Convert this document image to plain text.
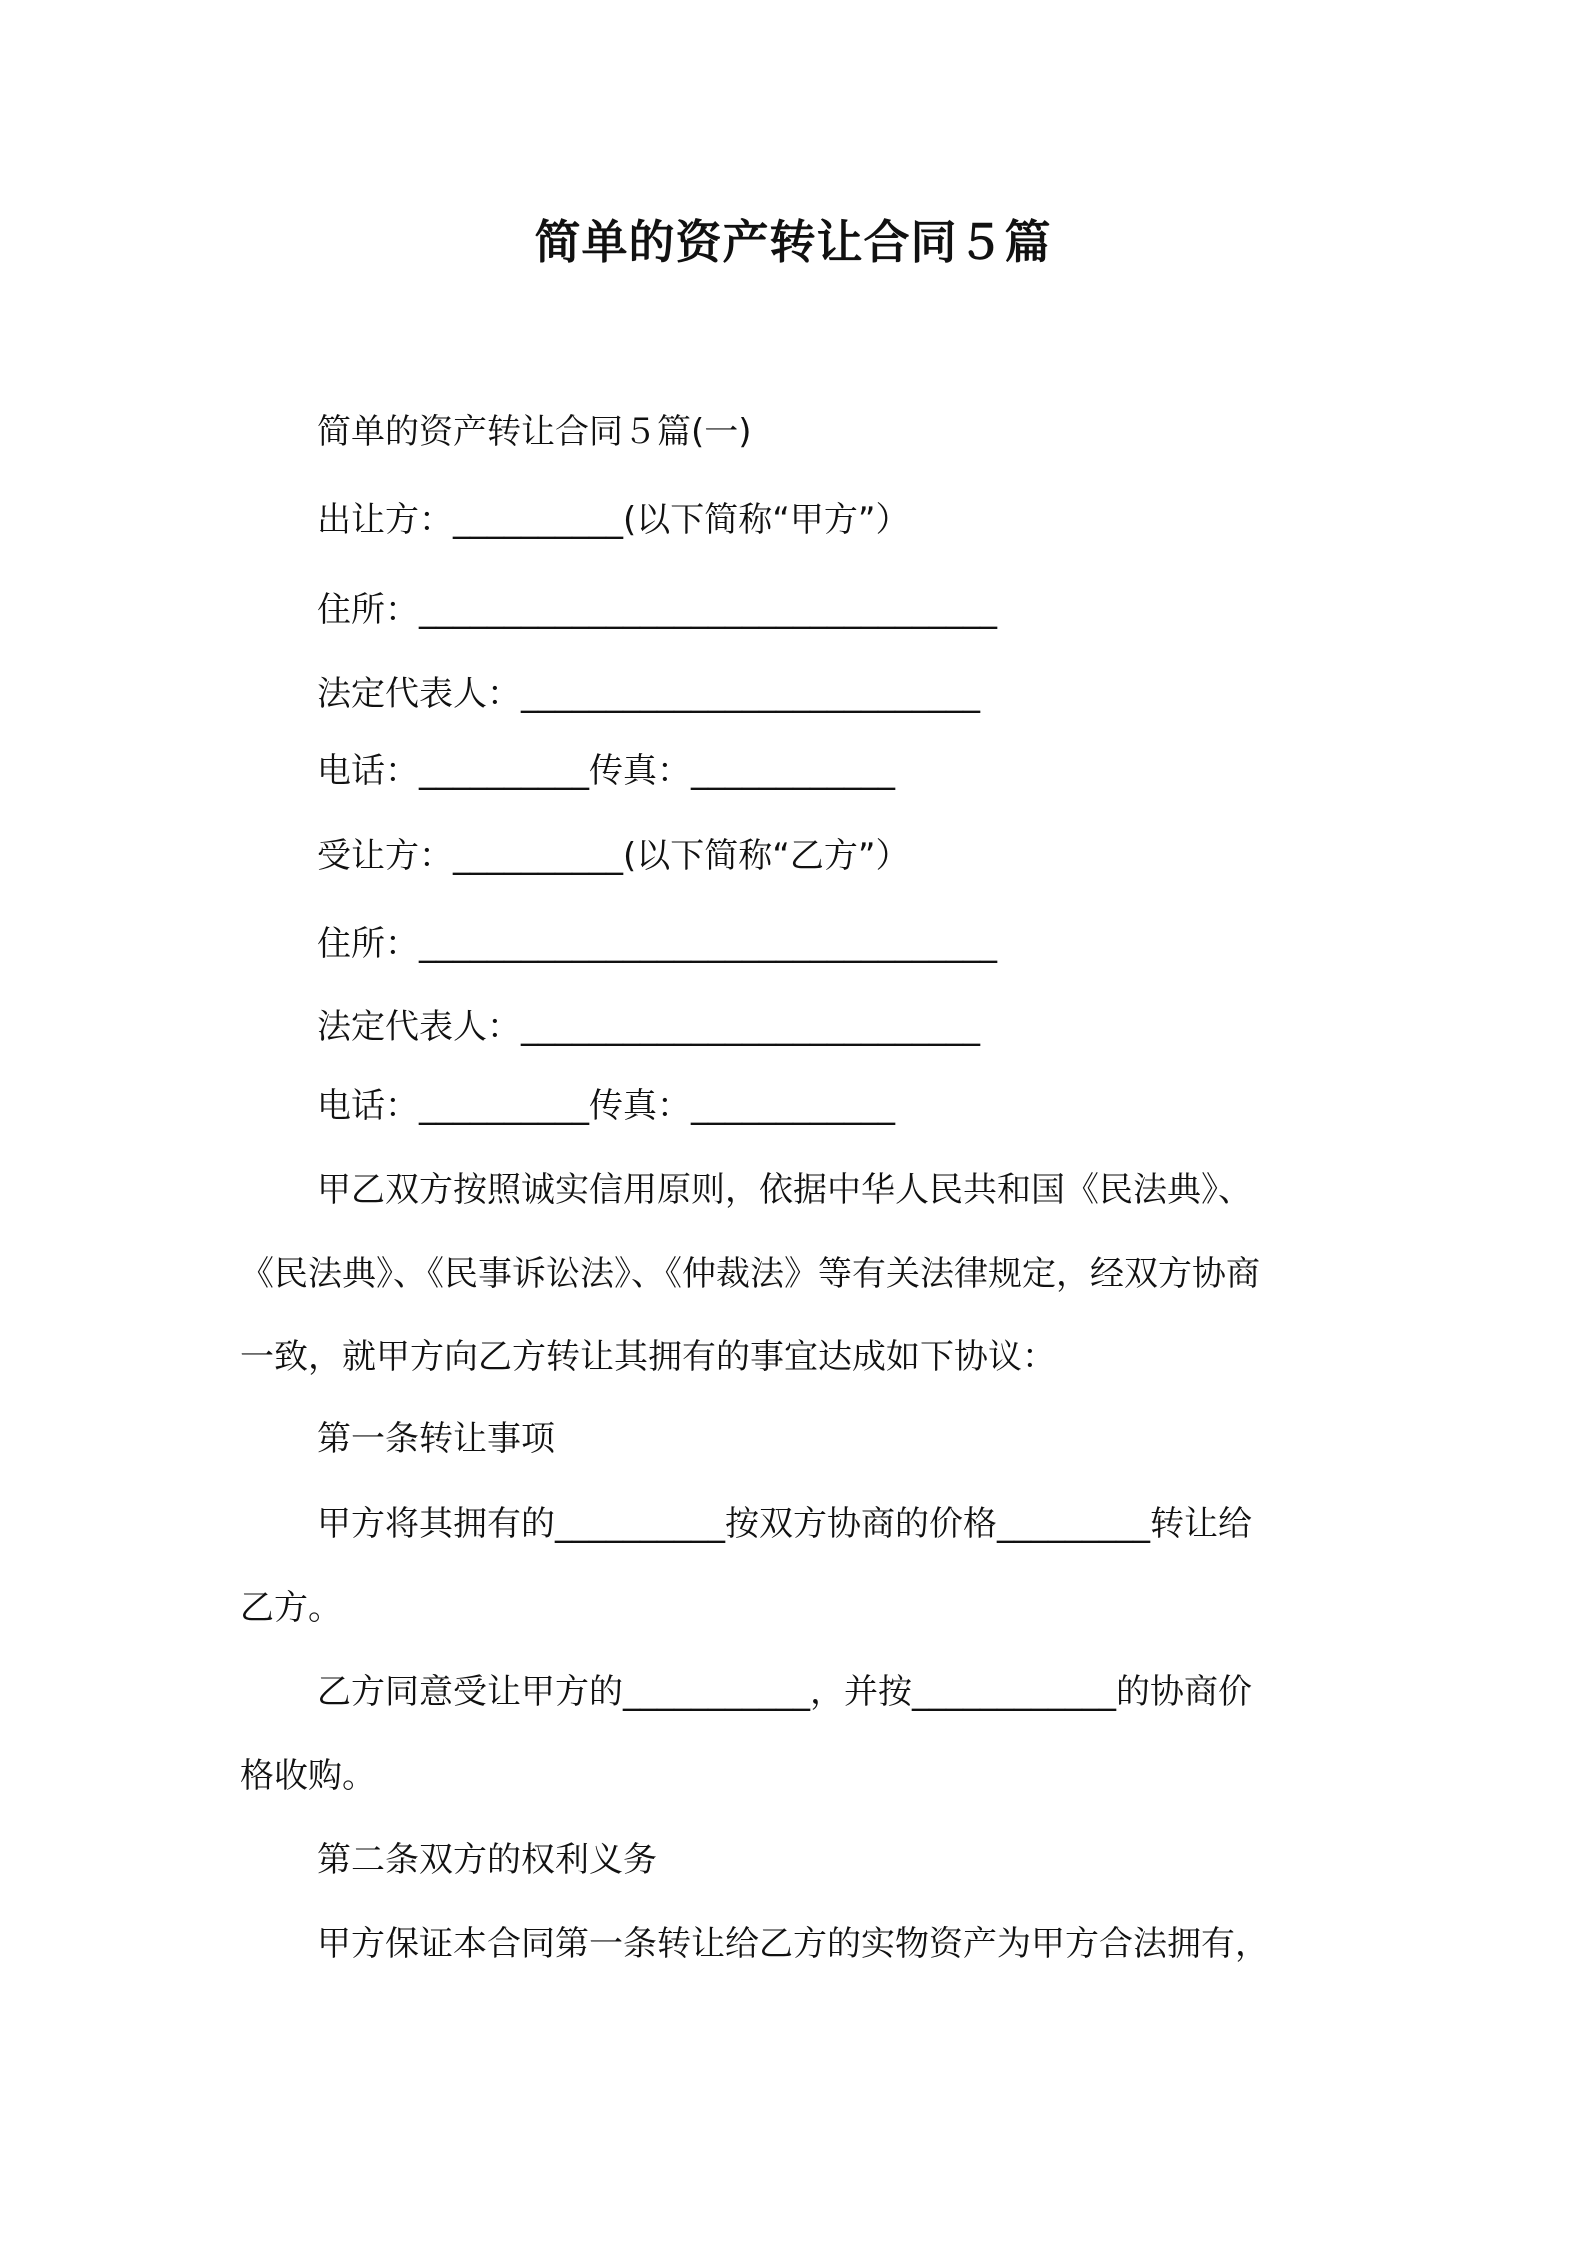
简单的资产转让合同５篇
简单的资产转让合同５篇(一)
出让方：__________(以下简称“甲方”）
住所：__________________________________
法定代表人：___________________________
电话：__________传真：____________
受让方：__________(以下简称“乙方”）
住所：__________________________________
法定代表人：___________________________
电话：__________传真：____________
甲乙双方按照诚实信用原则，依据中华人民共和国《民法典》、
《民法典》、《民事诉讼法》、《仲裁法》等有关法律规定，经双方协商
一致，就甲方向乙方转让其拥有的事宜达成如下协议：
第一条转让事项
甲方将其拥有的__________按双方协商的价格_________转让给
乙方。
乙方同意受让甲方的___________，并按____________的协商价
格收购。
第二条双方的权利义务
甲方保证本合同第一条转让给乙方的实物资产为甲方合法拥有，
